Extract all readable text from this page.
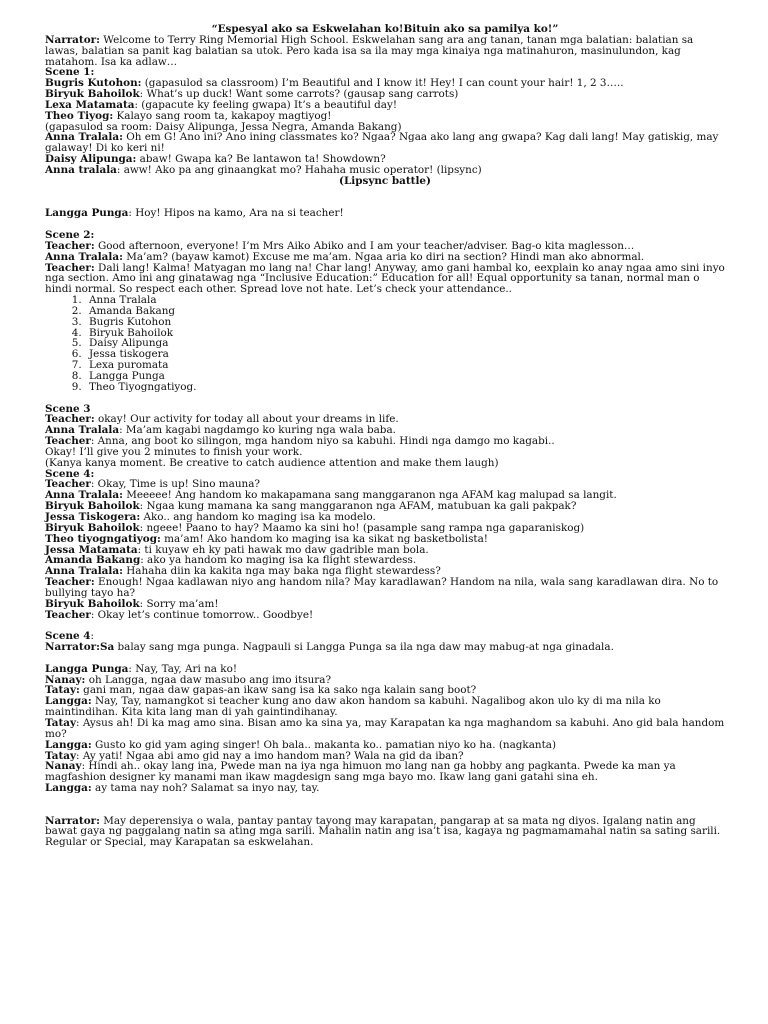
“Espesyal ako sa Eskwelahan ko!Bituin ako sa pamilya ko!”
Narrator: Welcome to Terry Ring Memorial High School. Eskwelahan sang ara ang tanan, tanan mga balatian: balatian sa lawas, balatian sa panit kag balatian sa utok. Pero kada isa sa ila may mga kinaiya nga matinahuron, masinulundon, kag matahom. Isa ka adlaw…
Scene 1:
Bugris Kutohon: (gapasulod sa classroom) I’m Beautiful and I know it! Hey! I can count your hair! 1, 2 3…..
Biryuk Bahoilok: What’s up duck! Want some carrots? (gausap sang carrots)
Lexa Matamata: (gapacute ky feeling gwapa) It’s a beautiful day!
Theo Tiyog: Kalayo sang room ta, kakapoy magtiyog!
(gapasulod sa room: Daisy Alipunga, Jessa Negra, Amanda Bakang)
Anna Tralala: Oh em G! Ano ini? Ano ining classmates ko? Ngaa? Ngaa ako lang ang gwapa? Kag dali lang! May gatiskig, may galaway! Di ko keri ni!
Daisy Alipunga: abaw! Gwapa ka? Be lantawon ta! Showdown?
Anna tralala: aww! Ako pa ang ginaangkat mo? Hahaha music operator! (lipsync)
(Lipsync battle)
Langga Punga: Hoy! Hipos na kamo, Ara na si teacher!
Scene 2:
Teacher: Good afternoon, everyone! I’m Mrs Aiko Abiko and I am your teacher/adviser. Bag-o kita maglesson…
Anna Tralala: Ma’am? (bayaw kamot) Excuse me ma’am. Ngaa aria ko diri na section? Hindi man ako abnormal.
Teacher: Dali lang! Kalma! Matyagan mo lang na! Char lang! Anyway, amo gani hambal ko, eexplain ko anay ngaa amo sini inyo nga section. Amo ini ang ginatawag nga “Inclusive Education:” Education for all! Equal opportunity sa tanan, normal man o hindi normal. So respect each other. Spread love not hate. Let’s check your attendance..
1. Anna Tralala
2. Amanda Bakang
3. Bugris Kutohon
4. Biryuk Bahoilok
5. Daisy Alipunga
6. Jessa tiskogera
7. Lexa puromata
8. Langga Punga
9. Theo Tiyogngatiyog.
Scene 3
Teacher: okay! Our activity for today all about your dreams in life.
Anna Tralala: Ma’am kagabi nagdamgo ko kuring nga wala baba.
Teacher: Anna, ang boot ko silingon, mga handom niyo sa kabuhi. Hindi nga damgo mo kagabi..
Okay! I’ll give you 2 minutes to finish your work.
(Kanya kanya moment. Be creative to catch audience attention and make them laugh)
Scene 4:
Teacher: Okay, Time is up! Sino mauna?
Anna Tralala: Meeeee! Ang handom ko makapamana sang manggaranon nga AFAM kag malupad sa langit.
Biryuk Bahoilok: Ngaa kung mamana ka sang manggaranon nga AFAM, matubuan ka gali pakpak?
Jessa Tiskogera: Ako.. ang handom ko maging isa ka modelo.
Biryuk Bahoilok: ngeee! Paano to hay? Maamo ka sini ho! (pasample sang rampa nga gaparaniskog)
Theo tiyogngatiyog: ma’am! Ako handom ko maging isa ka sikat ng basketbolista!
Jessa Matamata: ti kuyaw eh ky pati hawak mo daw gadrible man bola.
Amanda Bakang: ako ya handom ko maging isa ka flight stewardess.
Anna Tralala: Hahaha diin ka kakita nga may baka nga flight stewardess?
Teacher: Enough! Ngaa kadlawan niyo ang handom nila? May karadlawan? Handom na nila, wala sang karadlawan dira. No to bullying tayo ha?
Biryuk Bahoilok: Sorry ma’am!
Teacher: Okay let’s continue tomorrow.. Goodbye!
Scene 4:
Narrator:Sa balay sang mga punga. Nagpauli si Langga Punga sa ila nga daw may mabug-at nga ginadala.
Langga Punga: Nay, Tay, Ari na ko!
Nanay: oh Langga, ngaa daw masubo ang imo itsura?
Tatay: gani man, ngaa daw gapas-an ikaw sang isa ka sako nga kalain sang boot?
Langga: Nay, Tay, namangkot si teacher kung ano daw akon handom sa kabuhi. Nagalibog akon ulo ky di ma nila ko maintindihan. Kita kita lang man di yah gaintindihanay.
Tatay: Aysus ah! Di ka mag amo sina. Bisan amo ka sina ya, may Karapatan ka nga maghandom sa kabuhi. Ano gid bala handom mo?
Langga: Gusto ko gid yam aging singer! Oh bala.. makanta ko.. pamatian niyo ko ha. (nagkanta)
Tatay: Ay yati! Ngaa abi amo gid nay a imo handom man? Wala na gid da iban?
Nanay: Hindi ah.. okay lang ina, Pwede man na iya nga himuon mo lang nan ga hobby ang pagkanta. Pwede ka man ya magfashion designer ky manami man ikaw magdesign sang mga bayo mo. Ikaw lang gani gatahi sina eh.
Langga: ay tama nay noh? Salamat sa inyo nay, tay.
Narrator: May deperensiya o wala, pantay pantay tayong may karapatan, pangarap at sa mata ng diyos. Igalang natin ang bawat gaya ng paggalang natin sa ating mga sarili. Mahalin natin ang isa’t isa, kagaya ng pagmamamahal natin sa sating sarili. Regular or Special, may Karapatan sa eskwelahan.
